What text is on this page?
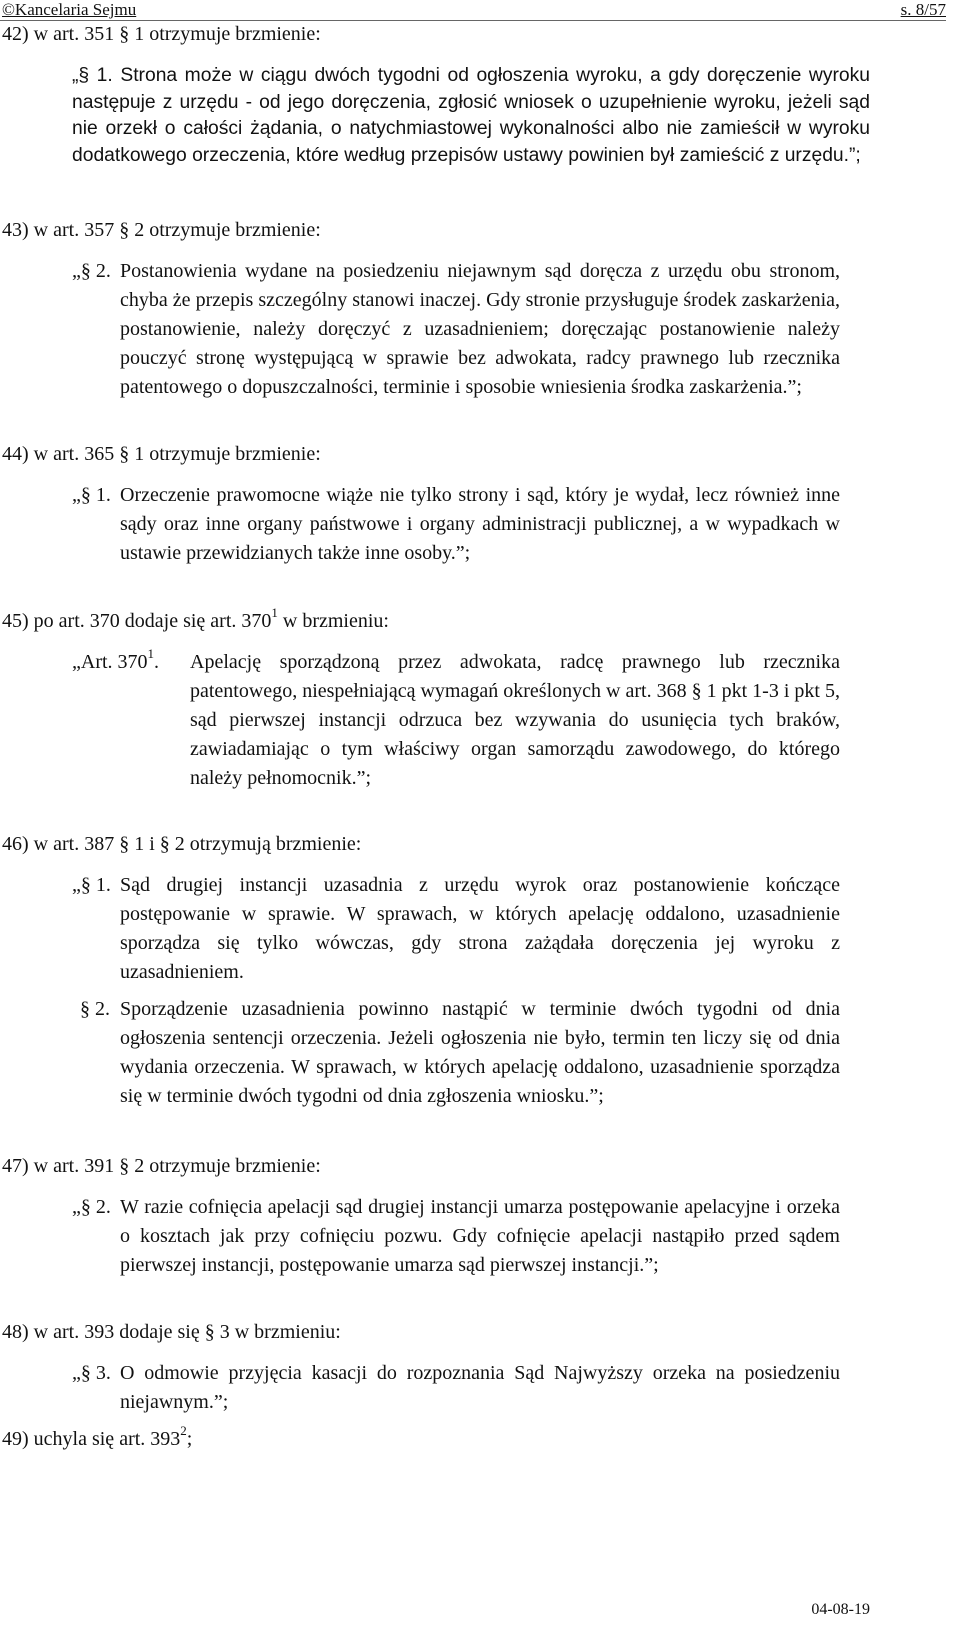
©Kancelaria Sejmu	s. 8/57
42) w art. 351 § 1 otrzymuje brzmienie:
„§ 1. Strona może w ciągu dwóch tygodni od ogłoszenia wyroku, a gdy doręczenie wyroku następuje z urzędu - od jego doręczenia, zgłosić wniosek o uzupełnienie wyroku, jeżeli sąd nie orzekł o całości żądania, o natychmiastowej wykonalności albo nie zamieścił w wyroku dodatkowego orzeczenia, które według przepisów ustawy powinien był zamieścić z urzędu.”;
43) w art. 357 § 2 otrzymuje brzmienie:
„§ 2. Postanowienia wydane na posiedzeniu niejawnym sąd doręcza z urzędu obu stronom, chyba że przepis szczególny stanowi inaczej. Gdy stronie przysługuje środek zaskarżenia, postanowienie, należy doręczyć z uzasadnieniem; doręczając postanowienie należy pouczyć stronę występującą w sprawie bez adwokata, radcy prawnego lub rzecznika patentowego o dopuszczalności, terminie i sposobie wniesienia środka zaskarżenia.”;
44) w art. 365 § 1 otrzymuje brzmienie:
„§ 1. Orzeczenie prawomocne wiąże nie tylko strony i sąd, który je wydał, lecz również inne sądy oraz inne organy państwowe i organy administracji publicznej, a w wypadkach w ustawie przewidzianych także inne osoby.”;
45) po art. 370 dodaje się art. $370^1$ w brzmieniu:
„Art. $370^1$. Apelację sporządzoną przez adwokata, radcę prawnego lub rzecznika patentowego, niespełniającą wymagań określonych w art. 368 § 1 pkt 1-3 i pkt 5, sąd pierwszej instancji odrzuca bez wzywania do usunięcia tych braków, zawiadamiając o tym właściwy organ samorządu zawodowego, do którego należy pełnomocnik.”;
46) w art. 387 § 1 i § 2 otrzymują brzmienie:
„§ 1. Sąd drugiej instancji uzasadnia z urzędu wyrok oraz postanowienie kończące postępowanie w sprawie. W sprawach, w których apelację oddalono, uzasadnienie sporządza się tylko wówczas, gdy strona zażądała doręczenia jej wyroku z uzasadnieniem.
§ 2. Sporządzenie uzasadnienia powinno nastąpić w terminie dwóch tygodni od dnia ogłoszenia sentencji orzeczenia. Jeżeli ogłoszenia nie było, termin ten liczy się od dnia wydania orzeczenia. W sprawach, w których apelację oddalono, uzasadnienie sporządza się w terminie dwóch tygodni od dnia zgłoszenia wniosku.”;
47) w art. 391 § 2 otrzymuje brzmienie:
„§ 2. W razie cofnięcia apelacji sąd drugiej instancji umarza postępowanie apelacyjne i orzeka o kosztach jak przy cofnięciu pozwu. Gdy cofnięcie apelacji nastąpiło przed sądem pierwszej instancji, postępowanie umarza sąd pierwszej instancji.”;
48) w art. 393 dodaje się § 3 w brzmieniu:
„§ 3. O odmowie przyjęcia kasacji do rozpoznania Sąd Najwyższy orzeka na posiedzeniu niejawnym.”;
49) uchyla się art. $393^2$;
04-08-19
